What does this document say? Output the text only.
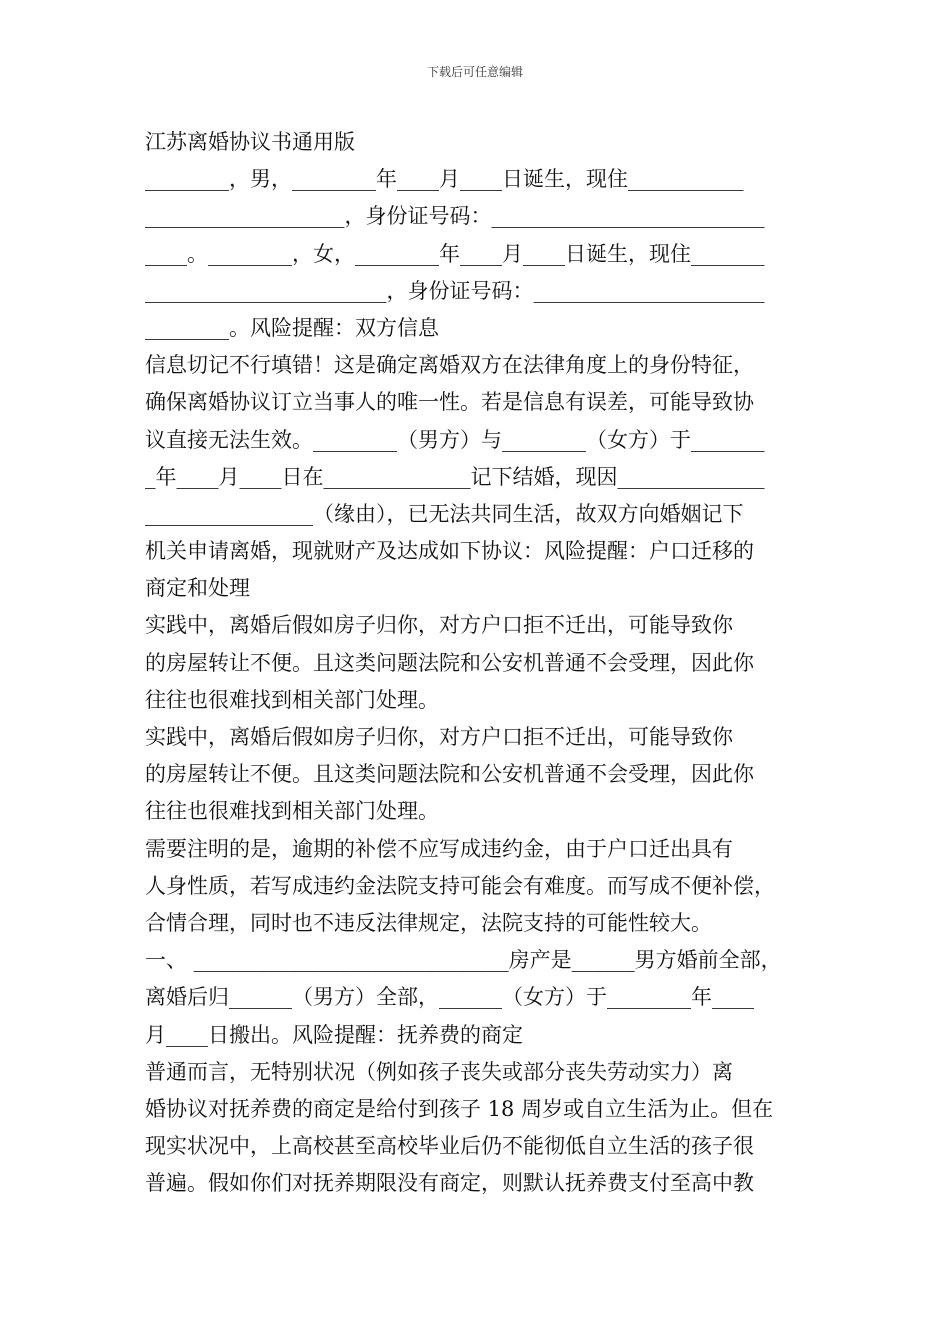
下载后可任意编辑
江苏离婚协议书通用版
________，男，________年____月____日诞生，现住___________
___________________，身份证号码：__________________________
____。________，女，________年____月____日诞生，现住_______
_______________________，身份证号码：______________________
________。风险提醒：双方信息
信息切记不行填错！这是确定离婚双方在法律角度上的身份特征，
确保离婚协议订立当事人的唯一性。若是信息有误差，可能导致协
议直接无法生效。________（男方）与________（女方）于_______
_年____月____日在______________记下结婚，现因______________
________________（缘由），已无法共同生活，故双方向婚姻记下
机关申请离婚，现就财产及达成如下协议：风险提醒：户口迁移的
商定和处理
实践中，离婚后假如房子归你，对方户口拒不迁出，可能导致你
的房屋转让不便。且这类问题法院和公安机普通不会受理，因此你
往往也很难找到相关部门处理。
实践中，离婚后假如房子归你，对方户口拒不迁出，可能导致你
的房屋转让不便。且这类问题法院和公安机普通不会受理，因此你
往往也很难找到相关部门处理。
需要注明的是，逾期的补偿不应写成违约金，由于户口迁出具有
人身性质，若写成违约金法院支持可能会有难度。而写成不便补偿，
合情合理，同时也不违反法律规定，法院支持的可能性较大。
一、 ______________________________房产是______男方婚前全部，
离婚后归______（男方）全部，______（女方）于________年____
月____日搬出。风险提醒：抚养费的商定
普通而言，无特别状况（例如孩子丧失或部分丧失劳动实力）离
婚协议对抚养费的商定是给付到孩子 18 周岁或自立生活为止。但在
现实状况中，上高校甚至高校毕业后仍不能彻低自立生活的孩子很
普遍。假如你们对抚养期限没有商定，则默认抚养费支付至高中教
